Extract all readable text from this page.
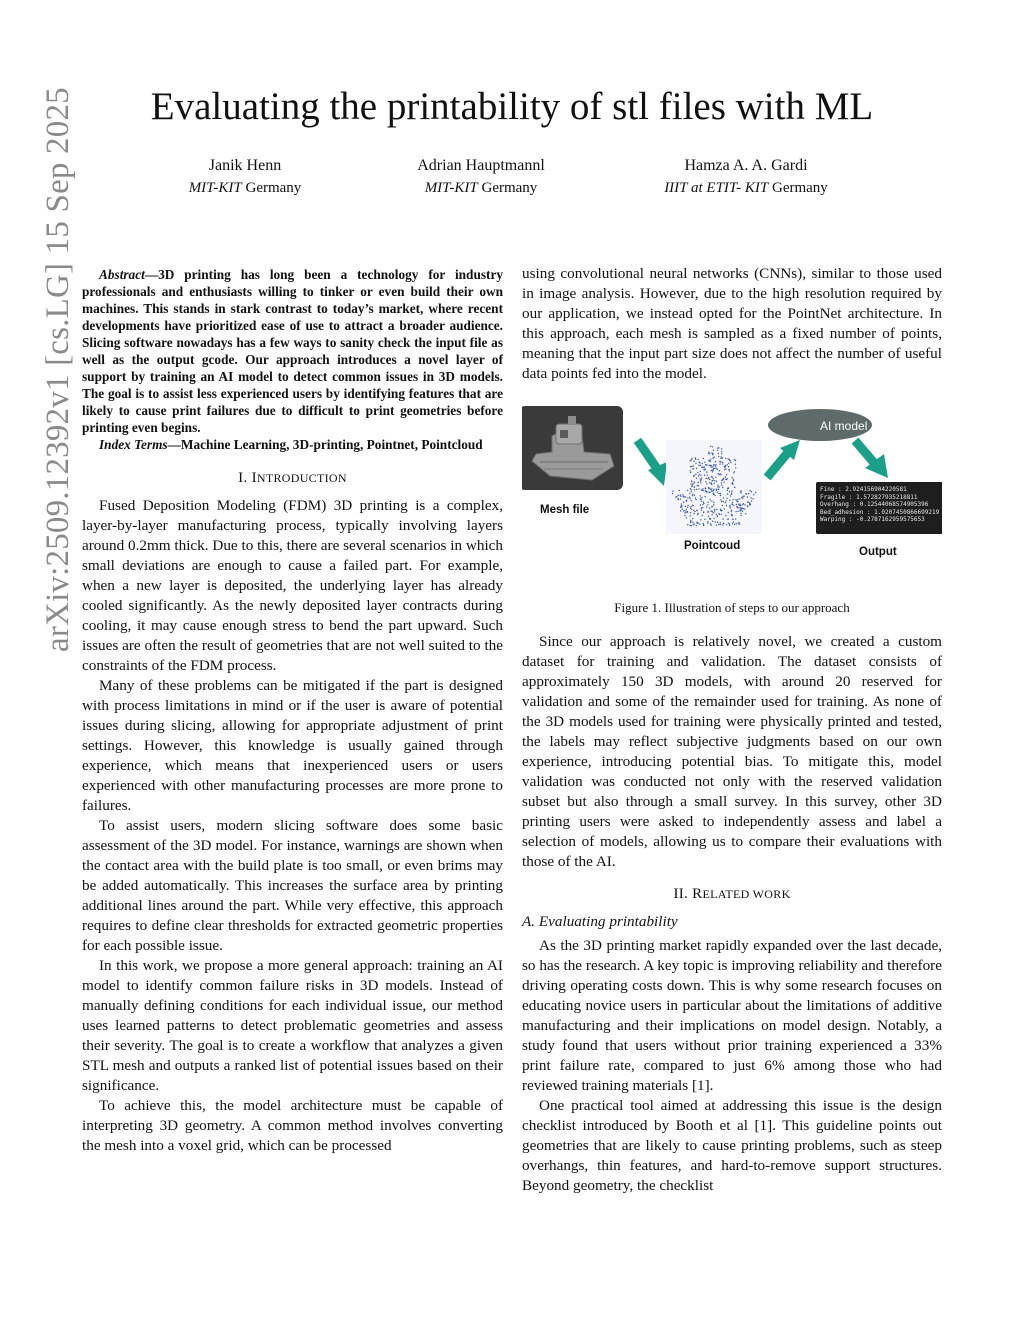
Evaluating the printability of stl files with ML
Janik Henn
MIT-KIT Germany
Adrian Hauptmannl
MIT-KIT Germany
Hamza A. A. Gardi
IIIT at ETIT- KIT Germany
arXiv:2509.12392v1 [cs.LG] 15 Sep 2025	Abstract—3D printing has long been a technology for industry professionals and enthusiasts willing to tinker or even build their own machines. This stands in stark contrast to today’s market, where recent developments have prioritized ease of use to attract a broader audience. Slicing software nowadays has a few ways to sanity check the input file as well as the output gcode. Our approach introduces a novel layer of support by training an AI model to detect common issues in 3D models. The goal is to assist less experienced users by identifying features that are likely to cause print failures due to difficult to print geometries before printing even begins.

Index Terms—Machine Learning, 3D-printing, Pointnet, Pointcloud

I. INTRODUCTION

Fused Deposition Modeling (FDM) 3D printing is a complex, layer-by-layer manufacturing process, typically involving layers around 0.2mm thick. Due to this, there are several scenarios in which small deviations are enough to cause a failed part. For example, when a new layer is deposited, the underlying layer has already cooled significantly. As the newly deposited layer contracts during cooling, it may cause enough stress to bend the part upward. Such issues are often the result of geometries that are not well suited to the constraints of the FDM process.

Many of these problems can be mitigated if the part is designed with process limitations in mind or if the user is aware of potential issues during slicing, allowing for appropriate adjustment of print settings. However, this knowledge is usually gained through experience, which means that inexperienced users or users experienced with other manufacturing processes are more prone to failures.

To assist users, modern slicing software does some basic assessment of the 3D model. For instance, warnings are shown when the contact area with the build plate is too small, or even brims may be added automatically. This increases the surface area by printing additional lines around the part. While very effective, this approach requires to define clear thresholds for extracted geometric properties for each possible issue.

In this work, we propose a more general approach: training an AI model to identify common failure risks in 3D models. Instead of manually defining conditions for each individual issue, our method uses learned patterns to detect problematic geometries and assess their severity. The goal is to create a workflow that analyzes a given STL mesh and outputs a ranked list of potential issues based on their significance.

To achieve this, the model architecture must be capable of interpreting 3D geometry. A common method involves converting the mesh into a voxel grid, which can be processed

using convolutional neural networks (CNNs), similar to those used in image analysis. However, due to the high resolution required by our application, we instead opted for the PointNet architecture. In this approach, each mesh is sampled as a fixed number of points, meaning that the input part size does not affect the number of useful data points fed into the model.

Mesh file
Pointcoud	Output
Fine : 2.924156904220581
Fragile : 1.572827935218811
Overhang : 0.12544068574905396
Bed_adhesion : 1.0207450866699219
Warping : -0.2787162959575653
Figure 1. Illustration of steps to our approach

Since our approach is relatively novel, we created a custom dataset for training and validation. The dataset consists of approximately 150 3D models, with around 20 reserved for validation and some of the remainder used for training. As none of the 3D models used for training were physically printed and tested, the labels may reflect subjective judgments based on our own experience, introducing potential bias. To mitigate this, model validation was conducted not only with the reserved validation subset but also through a small survey. In this survey, other 3D printing users were asked to independently assess and label a selection of models, allowing us to compare their evaluations with those of the AI.

II. RELATED WORK
A. Evaluating printability

As the 3D printing market rapidly expanded over the last decade, so has the research. A key topic is improving reliability and therefore driving operating costs down. This is why some research focuses on educating novice users in particular about the limitations of additive manufacturing and their implications on model design. Notably, a study found that users without prior training experienced a 33% print failure rate, compared to just 6% among those who had reviewed training materials [1].

One practical tool aimed at addressing this issue is the design checklist introduced by Booth et al [1]. This guideline points out geometries that are likely to cause printing problems, such as steep overhangs, thin features, and hard-to-remove support structures. Beyond geometry, the checklist
